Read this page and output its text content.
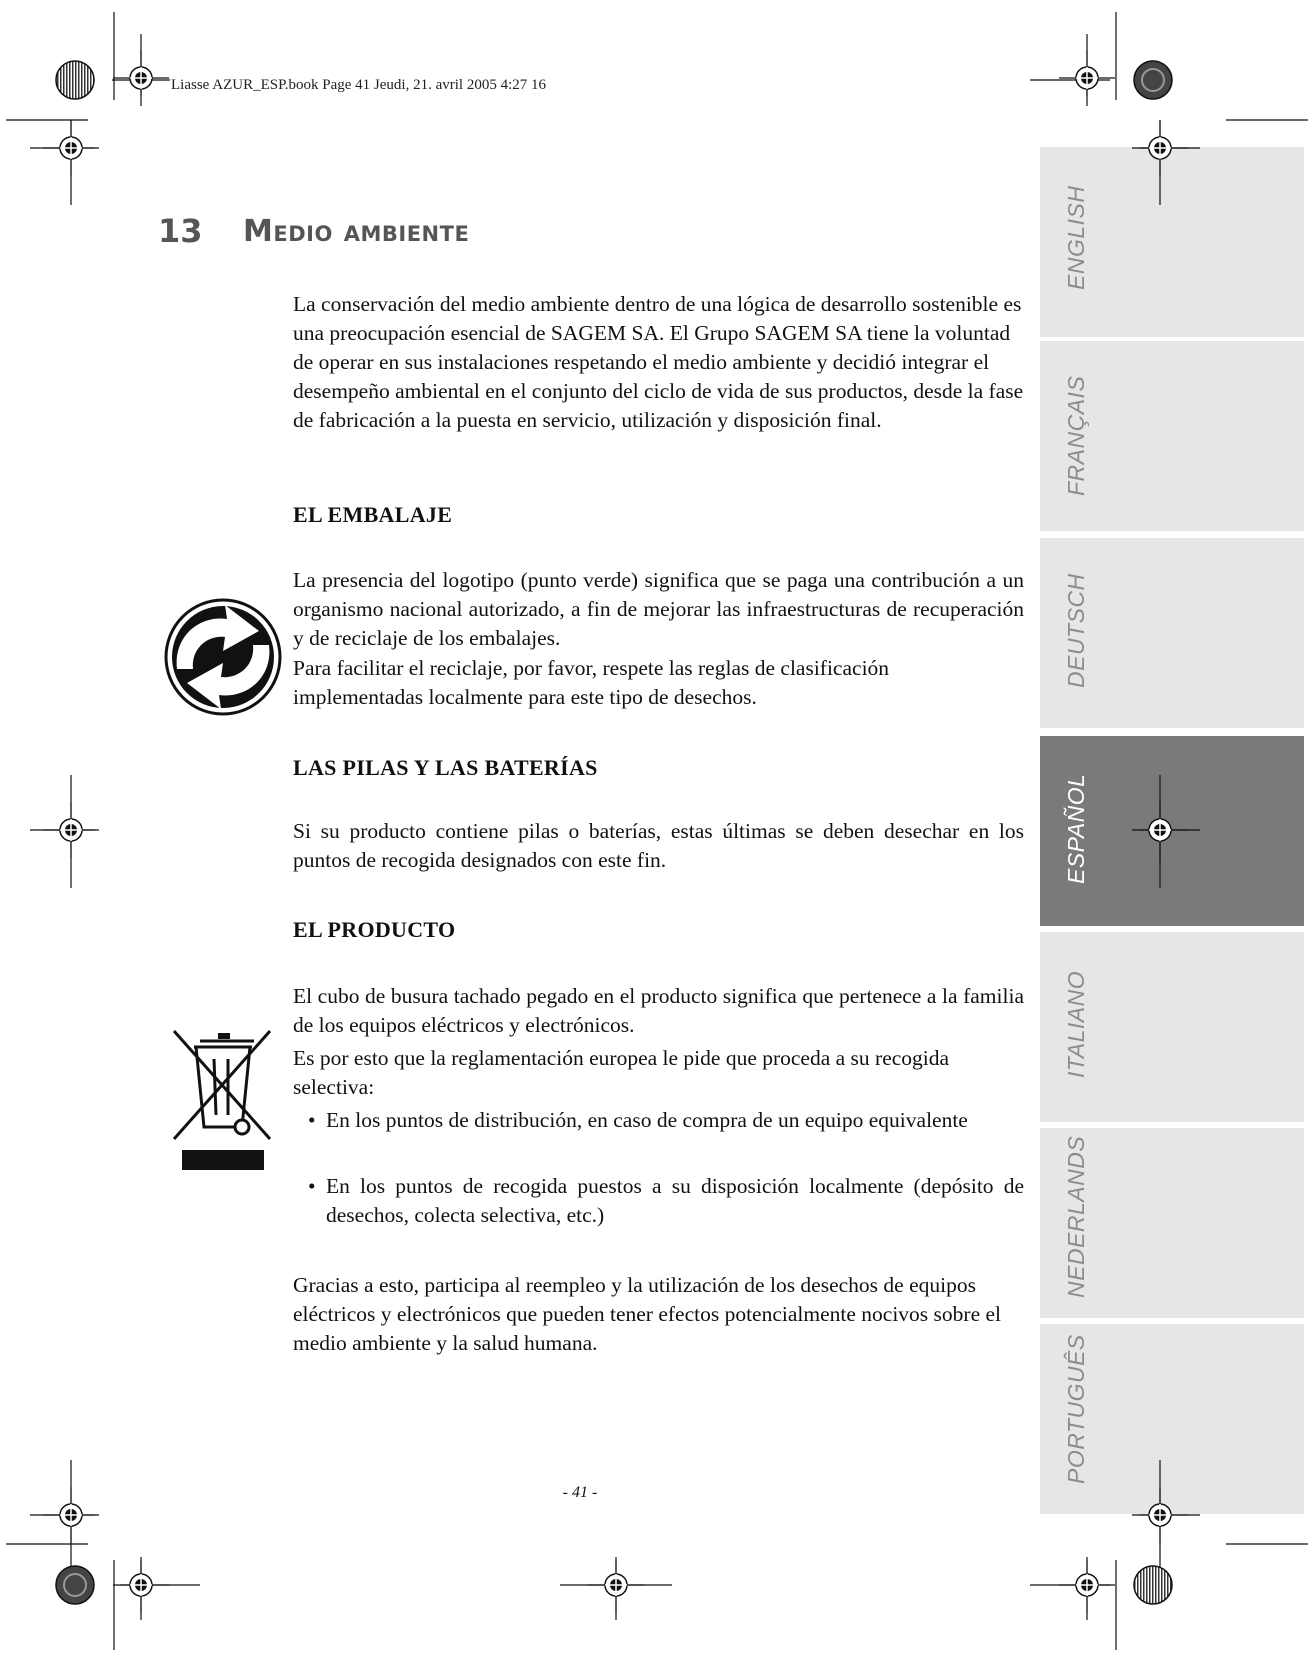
ENGLISH
FRANÇAIS
DEUTSCH
ESPAÑOL
ITALIANO
NEDERLANDS
PORTUGUÊS
Liasse AZUR_ESP.book Page 41 Jeudi, 21. avril 2005 4:27 16
13 Medio ambiente

La conservación del medio ambiente dentro de una lógica de desarrollo sostenible es una preocupación esencial de SAGEM SA. El Grupo SAGEM SA tiene la voluntad de operar en sus instalaciones respetando el medio ambiente y decidió integrar el desempeño ambiental en el conjunto del ciclo de vida de sus productos, desde la fase de fabricación a la puesta en servicio, utilización y disposición final.

EL EMBALAJE

La presencia del logotipo (punto verde) significa que se paga una contribución a un organismo nacional autorizado, a fin de mejorar las infraestructuras de recuperación y de reciclaje de los embalajes.

Para facilitar el reciclaje, por favor, respete las reglas de clasificación implementadas localmente para este tipo de desechos.

LAS PILAS Y LAS BATERÍAS

Si su producto contiene pilas o baterías, estas últimas se deben desechar en los puntos de recogida designados con este fin.

EL PRODUCTO

El cubo de busura tachado pegado en el producto significa que pertenece a la familia de los equipos eléctricos y electrónicos.

Es por esto que la reglamentación europea le pide que proceda a su recogida selectiva:

• En los puntos de distribución, en caso de compra de un equipo equivalente
• En los puntos de recogida puestos a su disposición localmente (depósito de desechos, colecta selectiva, etc.)

Gracias a esto, participa al reempleo y la utilización de los desechos de equipos eléctricos y electrónicos que pueden tener efectos potencialmente nocivos sobre el medio ambiente y la salud humana.

- 41 -
